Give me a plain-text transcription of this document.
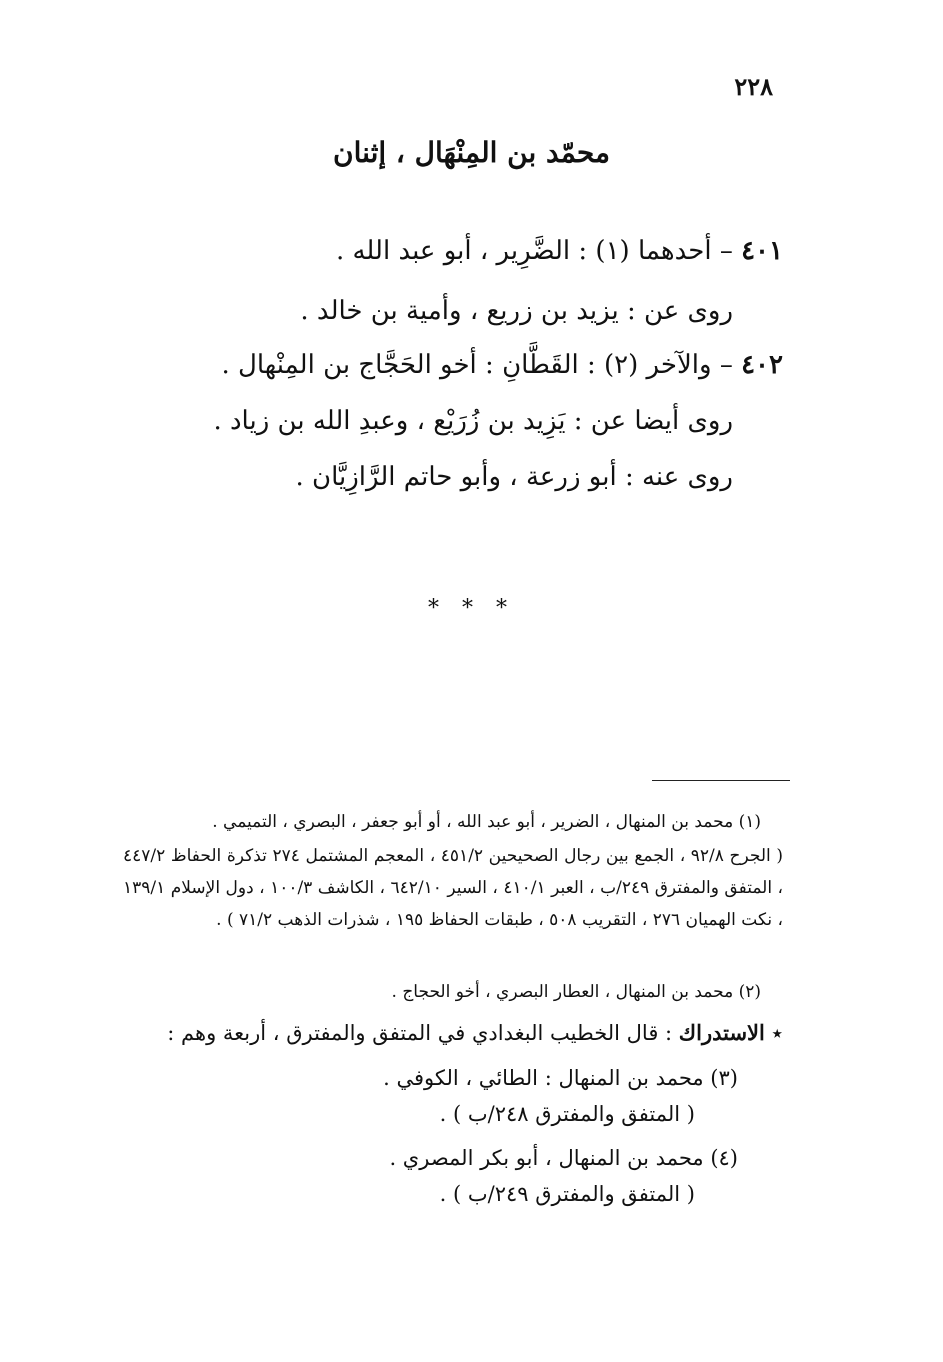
٢٢٨
محمّد بن المِنْهَال ، إثنان
٤٠١ – أحدهما (١) : الضَّرِير ، أبو عبد الله .
روى عن : يزيد بن زريع ، وأمية بن خالد .
٤٠٢ – والآخر (٢) : القَطَّانِ : أخو الحَجَّاج بن المِنْهال .
روى أيضا عن : يَزِيد بن زُرَيْع ، وعبدِ الله بن زياد .
روى عنه : أبو زرعة ، وأبو حاتم الرَّازِيَّان .
* * *
(١) محمد بن المنهال ، الضرير ، أبو عبد الله ، أو أبو جعفر ، البصري ، التميمي .
( الجرح ٩٢/٨ ، الجمع بين رجال الصحيحين ٤٥١/٢ ، المعجم المشتمل ٢٧٤ تذكرة الحفاظ ٤٤٧/٢ ، المتفق والمفترق ٢٤٩/ب ، العبر ٤١٠/١ ، السير ٦٤٢/١٠ ، الكاشف ١٠٠/٣ ، دول الإسلام ١٣٩/١ ، نكت الهميان ٢٧٦ ، التقريب ٥٠٨ ، طبقات الحفاظ ١٩٥ ، شذرات الذهب ٧١/٢ ) .
(٢) محمد بن المنهال ، العطار البصري ، أخو الحجاج .
٭ الاستدراك : قال الخطيب البغدادي في المتفق والمفترق ، أربعة وهم :
(٣) محمد بن المنهال : الطائي ، الكوفي .
( المتفق والمفترق ٢٤٨/ب ) .
(٤) محمد بن المنهال ، أبو بكر المصري .
( المتفق والمفترق ٢٤٩/ب ) .
